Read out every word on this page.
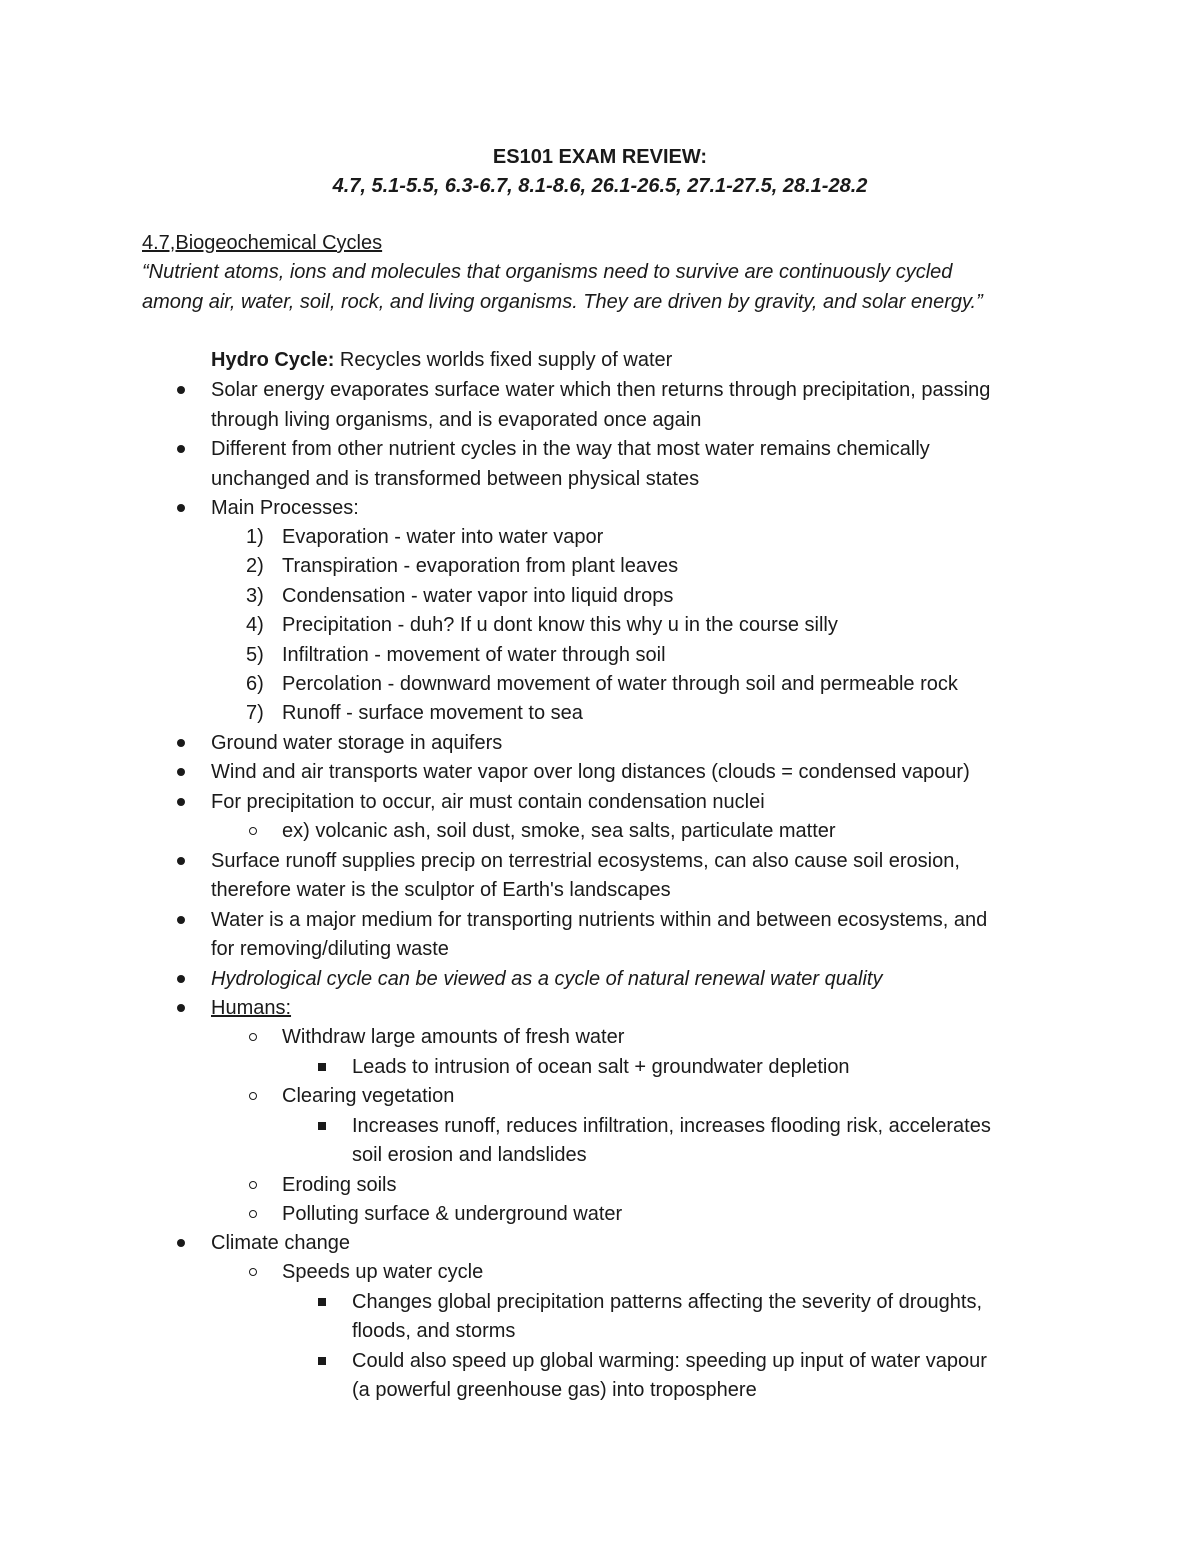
ES101 EXAM REVIEW:
4.7, 5.1-5.5, 6.3-6.7, 8.1-8.6, 26.1-26.5, 27.1-27.5, 28.1-28.2
4.7,Biogeochemical Cycles
“Nutrient atoms, ions and molecules that organisms need to survive are continuously cycled
among air, water, soil, rock, and living organisms. They are driven by gravity, and solar energy.”
Hydro Cycle: Recycles worlds fixed supply of water
Solar energy evaporates surface water which then returns through precipitation, passing
through living organisms, and is evaporated once again
Different from other nutrient cycles in the way that most water remains chemically
unchanged and is transformed between physical states
Main Processes:
1) Evaporation - water into water vapor
2) Transpiration - evaporation from plant leaves
3) Condensation - water vapor into liquid drops
4) Precipitation - duh? If u dont know this why u in the course silly
5) Infiltration - movement of water through soil
6) Percolation - downward movement of water through soil and permeable rock
7) Runoff - surface movement to sea
Ground water storage in aquifers
Wind and air transports water vapor over long distances (clouds = condensed vapour)
For precipitation to occur, air must contain condensation nuclei
ex) volcanic ash, soil dust, smoke, sea salts, particulate matter
Surface runoff supplies precip on terrestrial ecosystems, can also cause soil erosion,
therefore water is the sculptor of Earth's landscapes
Water is a major medium for transporting nutrients within and between ecosystems, and
for removing/diluting waste
Hydrological cycle can be viewed as a cycle of natural renewal water quality
Humans:
Withdraw large amounts of fresh water
Leads to intrusion of ocean salt + groundwater depletion
Clearing vegetation
Increases runoff, reduces infiltration, increases flooding risk, accelerates
soil erosion and landslides
Eroding soils
Polluting surface & underground water
Climate change
Speeds up water cycle
Changes global precipitation patterns affecting the severity of droughts,
floods, and storms
Could also speed up global warming: speeding up input of water vapour
(a powerful greenhouse gas) into troposphere
